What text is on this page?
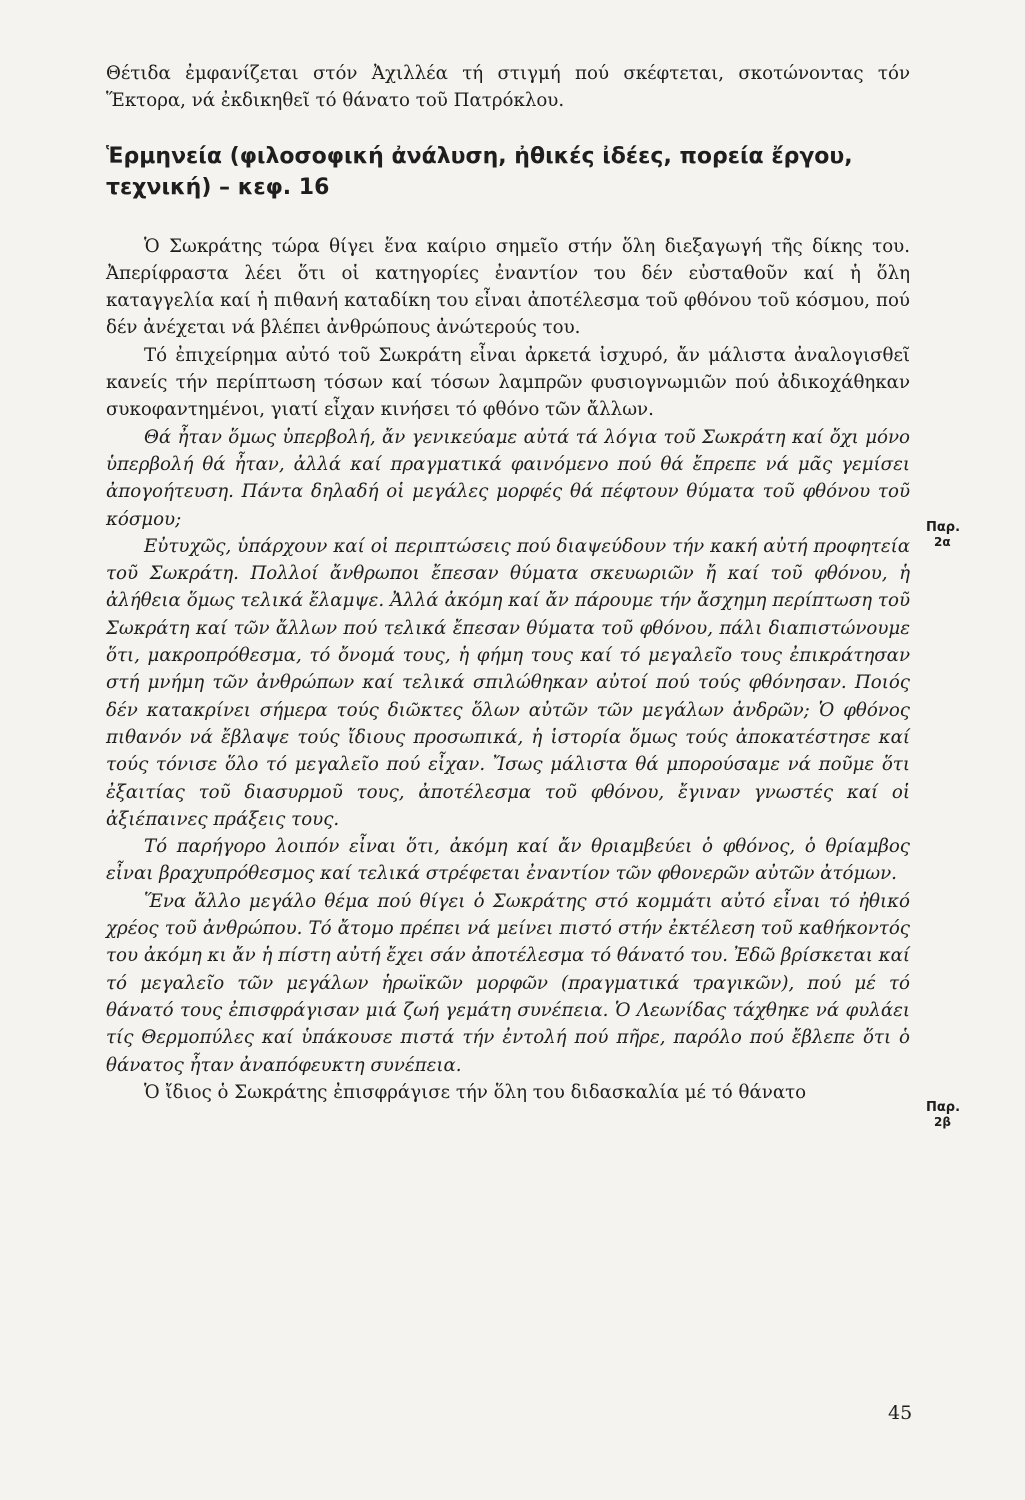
Θέτιδα ἐμφανίζεται στόν Ἀχιλλέα τή στιγμή πού σκέφτεται, σκοτώνοντας τόν Ἕκτορα, νά ἐκδικηθεῖ τό θάνατο τοῦ Πατρόκλου.

Ἑρμηνεία (φιλοσοφική ἀνάλυση, ἠθικές ἰδέες, πορεία ἔργου, τεχνική) – κεφ. 16

Ὁ Σωκράτης τώρα θίγει ἕνα καίριο σημεῖο στήν ὅλη διεξαγωγή τῆς δίκης του. Ἀπερίφραστα λέει ὅτι οἱ κατηγορίες ἐναντίον του δέν εὐσταθοῦν καί ἡ ὅλη καταγγελία καί ἡ πιθανή καταδίκη του εἶναι ἀποτέλεσμα τοῦ φθόνου τοῦ κόσμου, πού δέν ἀνέχεται νά βλέπει ἀνθρώπους ἀνώτερούς του.

Τό ἐπιχείρημα αὐτό τοῦ Σωκράτη εἶναι ἀρκετά ἰσχυρό, ἄν μάλιστα ἀναλογισθεῖ κανείς τήν περίπτωση τόσων καί τόσων λαμπρῶν φυσιογνωμιῶν πού ἀδικοχάθηκαν συκοφαντημένοι, γιατί εἶχαν κινήσει τό φθόνο τῶν ἄλλων.

Θά ἦταν ὅμως ὑπερβολή, ἄν γενικεύαμε αὐτά τά λόγια τοῦ Σωκράτη καί ὄχι μόνο ὑπερβολή θά ἦταν, ἀλλά καί πραγματικά φαινόμενο πού θά ἔπρεπε νά μᾶς γεμίσει ἀπογοήτευση. Πάντα δηλαδή οἱ μεγάλες μορφές θά πέφτουν θύματα τοῦ φθόνου τοῦ κόσμου;

Εὐτυχῶς, ὑπάρχουν καί οἱ περιπτώσεις πού διαψεύδουν τήν κακή αὐτή προφητεία τοῦ Σωκράτη. Πολλοί ἄνθρωποι ἔπεσαν θύματα σκευωριῶν ἤ καί τοῦ φθόνου, ἡ ἀλήθεια ὅμως τελικά ἔλαμψε. Ἀλλά ἀκόμη καί ἄν πάρουμε τήν ἄσχημη περίπτωση τοῦ Σωκράτη καί τῶν ἄλλων πού τελικά ἔπεσαν θύματα τοῦ φθόνου, πάλι διαπιστώνουμε ὅτι, μακροπρόθεσμα, τό ὄνομά τους, ἡ φήμη τους καί τό μεγαλεῖο τους ἐπικράτησαν στή μνήμη τῶν ἀνθρώπων καί τελικά σπιλώθηκαν αὐτοί πού τούς φθόνησαν. Ποιός δέν κατακρίνει σήμερα τούς διῶκτες ὅλων αὐτῶν τῶν μεγάλων ἀνδρῶν; Ὁ φθόνος πιθανόν νά ἔβλαψε τούς ἴδιους προσωπικά, ἡ ἱστορία ὅμως τούς ἀποκατέστησε καί τούς τόνισε ὅλο τό μεγαλεῖο πού εἶχαν. Ἴσως μάλιστα θά μπορούσαμε νά ποῦμε ὅτι ἐξαιτίας τοῦ διασυρμοῦ τους, ἀποτέλεσμα τοῦ φθόνου, ἔγιναν γνωστές καί οἱ ἀξιέπαινες πράξεις τους.

Τό παρήγορο λοιπόν εἶναι ὅτι, ἀκόμη καί ἄν θριαμβεύει ὁ φθόνος, ὁ θρίαμβος εἶναι βραχυπρόθεσμος καί τελικά στρέφεται ἐναντίον τῶν φθονερῶν αὐτῶν ἀτόμων.

Ἕνα ἄλλο μεγάλο θέμα πού θίγει ὁ Σωκράτης στό κομμάτι αὐτό εἶναι τό ἠθικό χρέος τοῦ ἀνθρώπου. Τό ἄτομο πρέπει νά μείνει πιστό στήν ἐκτέλεση τοῦ καθήκοντός του ἀκόμη κι ἄν ἡ πίστη αὐτή ἔχει σάν ἀποτέλεσμα τό θάνατό του. Ἐδῶ βρίσκεται καί τό μεγαλεῖο τῶν μεγάλων ἡρωϊκῶν μορφῶν (πραγματικά τραγικῶν), πού μέ τό θάνατό τους ἐπισφράγισαν μιά ζωή γεμάτη συνέπεια. Ὁ Λεωνίδας τάχθηκε νά φυλάει τίς Θερμοπύλες καί ὑπάκουσε πιστά τήν ἐντολή πού πῆρε, παρόλο πού ἔβλεπε ὅτι ὁ θάνατος ἦταν ἀναπόφευκτη συνέπεια.

Ὁ ἴδιος ὁ Σωκράτης ἐπισφράγισε τήν ὅλη του διδασκαλία μέ τό θάνατο

Παρ.
2α
Παρ.
2β
45
